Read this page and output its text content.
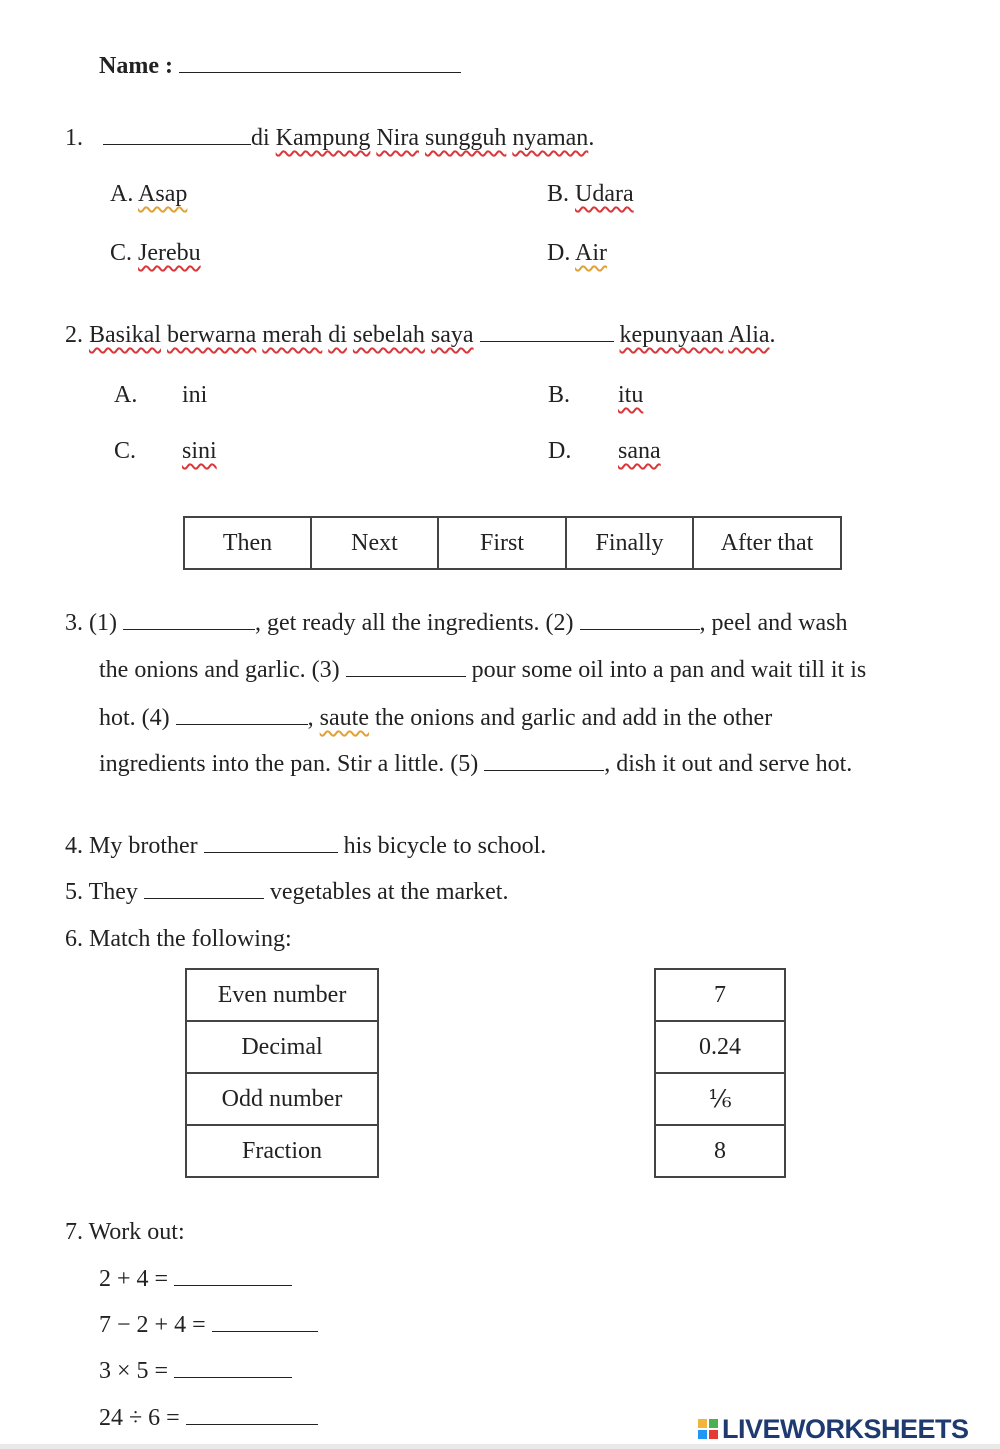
Name :
1.	di Kampung Nira sungguh nyaman.
A. Asap	B. Udara
C. Jerebu	D. Air
2. Basikal berwarna merah di sebelah saya	kepunyaan Alia.
A. ini	B. itu
C. sini	D. sana
Then	Next	First	Finally	After that
3. (1)	, get ready all the ingredients. (2)	, peel and wash
the onions and garlic. (3)	pour some oil into a pan and wait till it is
hot. (4)	, saute the onions and garlic and add in the other
ingredients into the pan. Stir a little. (5)	, dish it out and serve hot.
4. My brother	his bicycle to school.
5. They	vegetables at the market.
6. Match the following:
Even number
Decimal
Odd number
Fraction
7
0.24
⅙
8
7. Work out:
2 + 4 =
7 − 2 + 4 =
3 × 5 =
24 ÷ 6 =	LIVEWORKSHEETS
